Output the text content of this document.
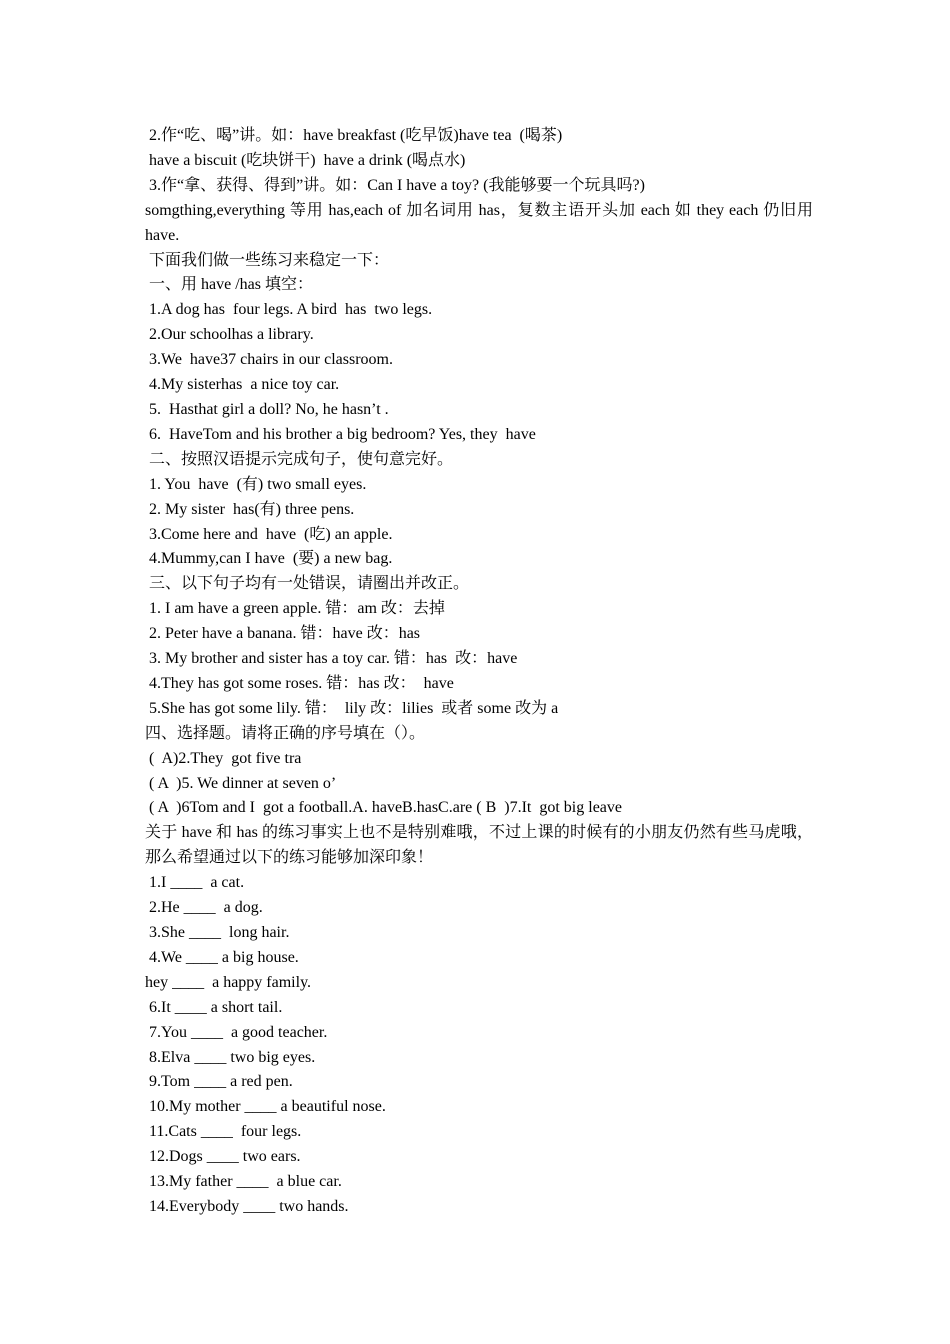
2.作“吃、喝”讲。如：have breakfast (吃早饭)have tea  (喝茶)

have a biscuit (吃块饼干)  have a drink (喝点水)

3.作“拿、获得、得到”讲。如：Can I have a toy? (我能够要一个玩具吗?)

somgthing,everything 等用 has,each of 加名词用 has，复数主语开头加 each 如 they each 仍旧用 have.

下面我们做一些练习来稳定一下：

一、用 have /has 填空：

1.A dog has  four legs. A bird  has  two legs.

2.Our schoolhas a library.

3.We  have37 chairs in our classroom.

4.My sisterhas  a nice toy car.

5.  Hasthat girl a doll? No, he hasn’t .

6.  HaveTom and his brother a big bedroom? Yes, they  have

二、按照汉语提示完成句子，使句意完好。

1. You  have  (有) two small eyes.

2. My sister  has(有) three pens.

3.Come here and  have  (吃) an apple.

4.Mummy,can I have  (要) a new bag.

三、以下句子均有一处错误，请圈出并改正。

1. I am have a green apple. 错：am 改：去掉

2. Peter have a banana. 错：have 改：has

3. My brother and sister has a toy car. 错：has  改：have

4.They has got some roses. 错：has 改：  have

5.She has got some lily. 错：  lily 改：lilies  或者 some 改为 a

四、选择题。请将正确的序号填在（）。

(  A)2.They  got five tra

( A  )5. We dinner at seven o’

( A  )6Tom and I  got a football.A. haveB.hasC.are ( B  )7.It  got big leave

关于 have 和 has 的练习事实上也不是特别难哦，不过上课的时候有的小朋友仍然有些马虎哦，那么希望通过以下的练习能够加深印象！

1.I ____  a cat.

2.He ____  a dog.

3.She ____  long hair.

4.We ____ a big house.

hey ____  a happy family.

6.It ____ a short tail.

7.You ____  a good teacher.

8.Elva ____ two big eyes.

9.Tom ____ a red pen.

10.My mother ____ a beautiful nose.

11.Cats ____  four legs.

12.Dogs ____ two ears.

13.My father ____  a blue car.

14.Everybody ____ two hands.
